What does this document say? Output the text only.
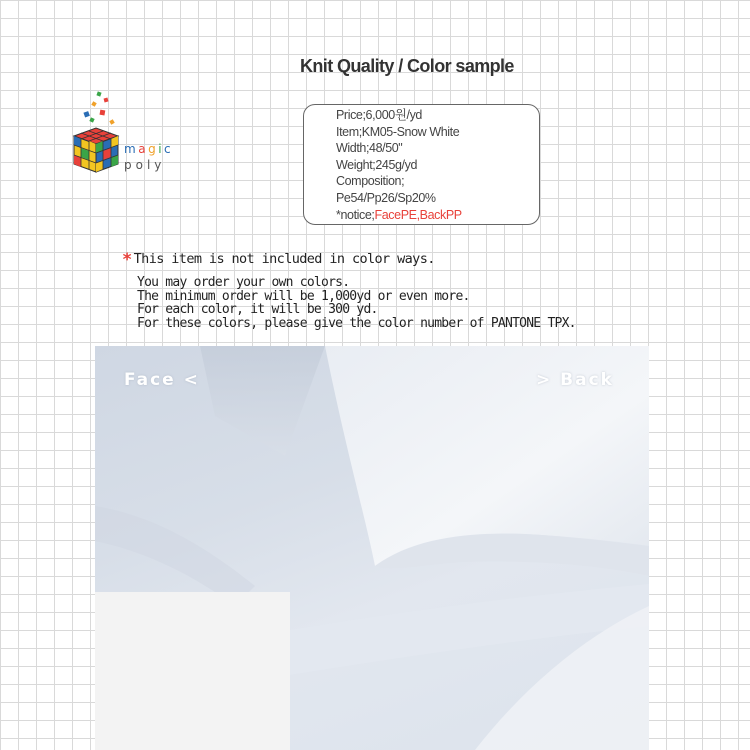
Knit Quality / Color sample
magic
poly
Price;6,000원/yd
Item;KM05-Snow White
Width;48/50"
Weight;245g/yd
Composition;
Pe54/Pp26/Sp20%
*notice;FacePE,BackPP
* This item is not included in color ways.
You may order your own colors.
The minimum order will be 1,000yd or even more.
For each color, it will be 300 yd.
For these colors, please give the color number of PANTONE TPX.
Face <	> Back
